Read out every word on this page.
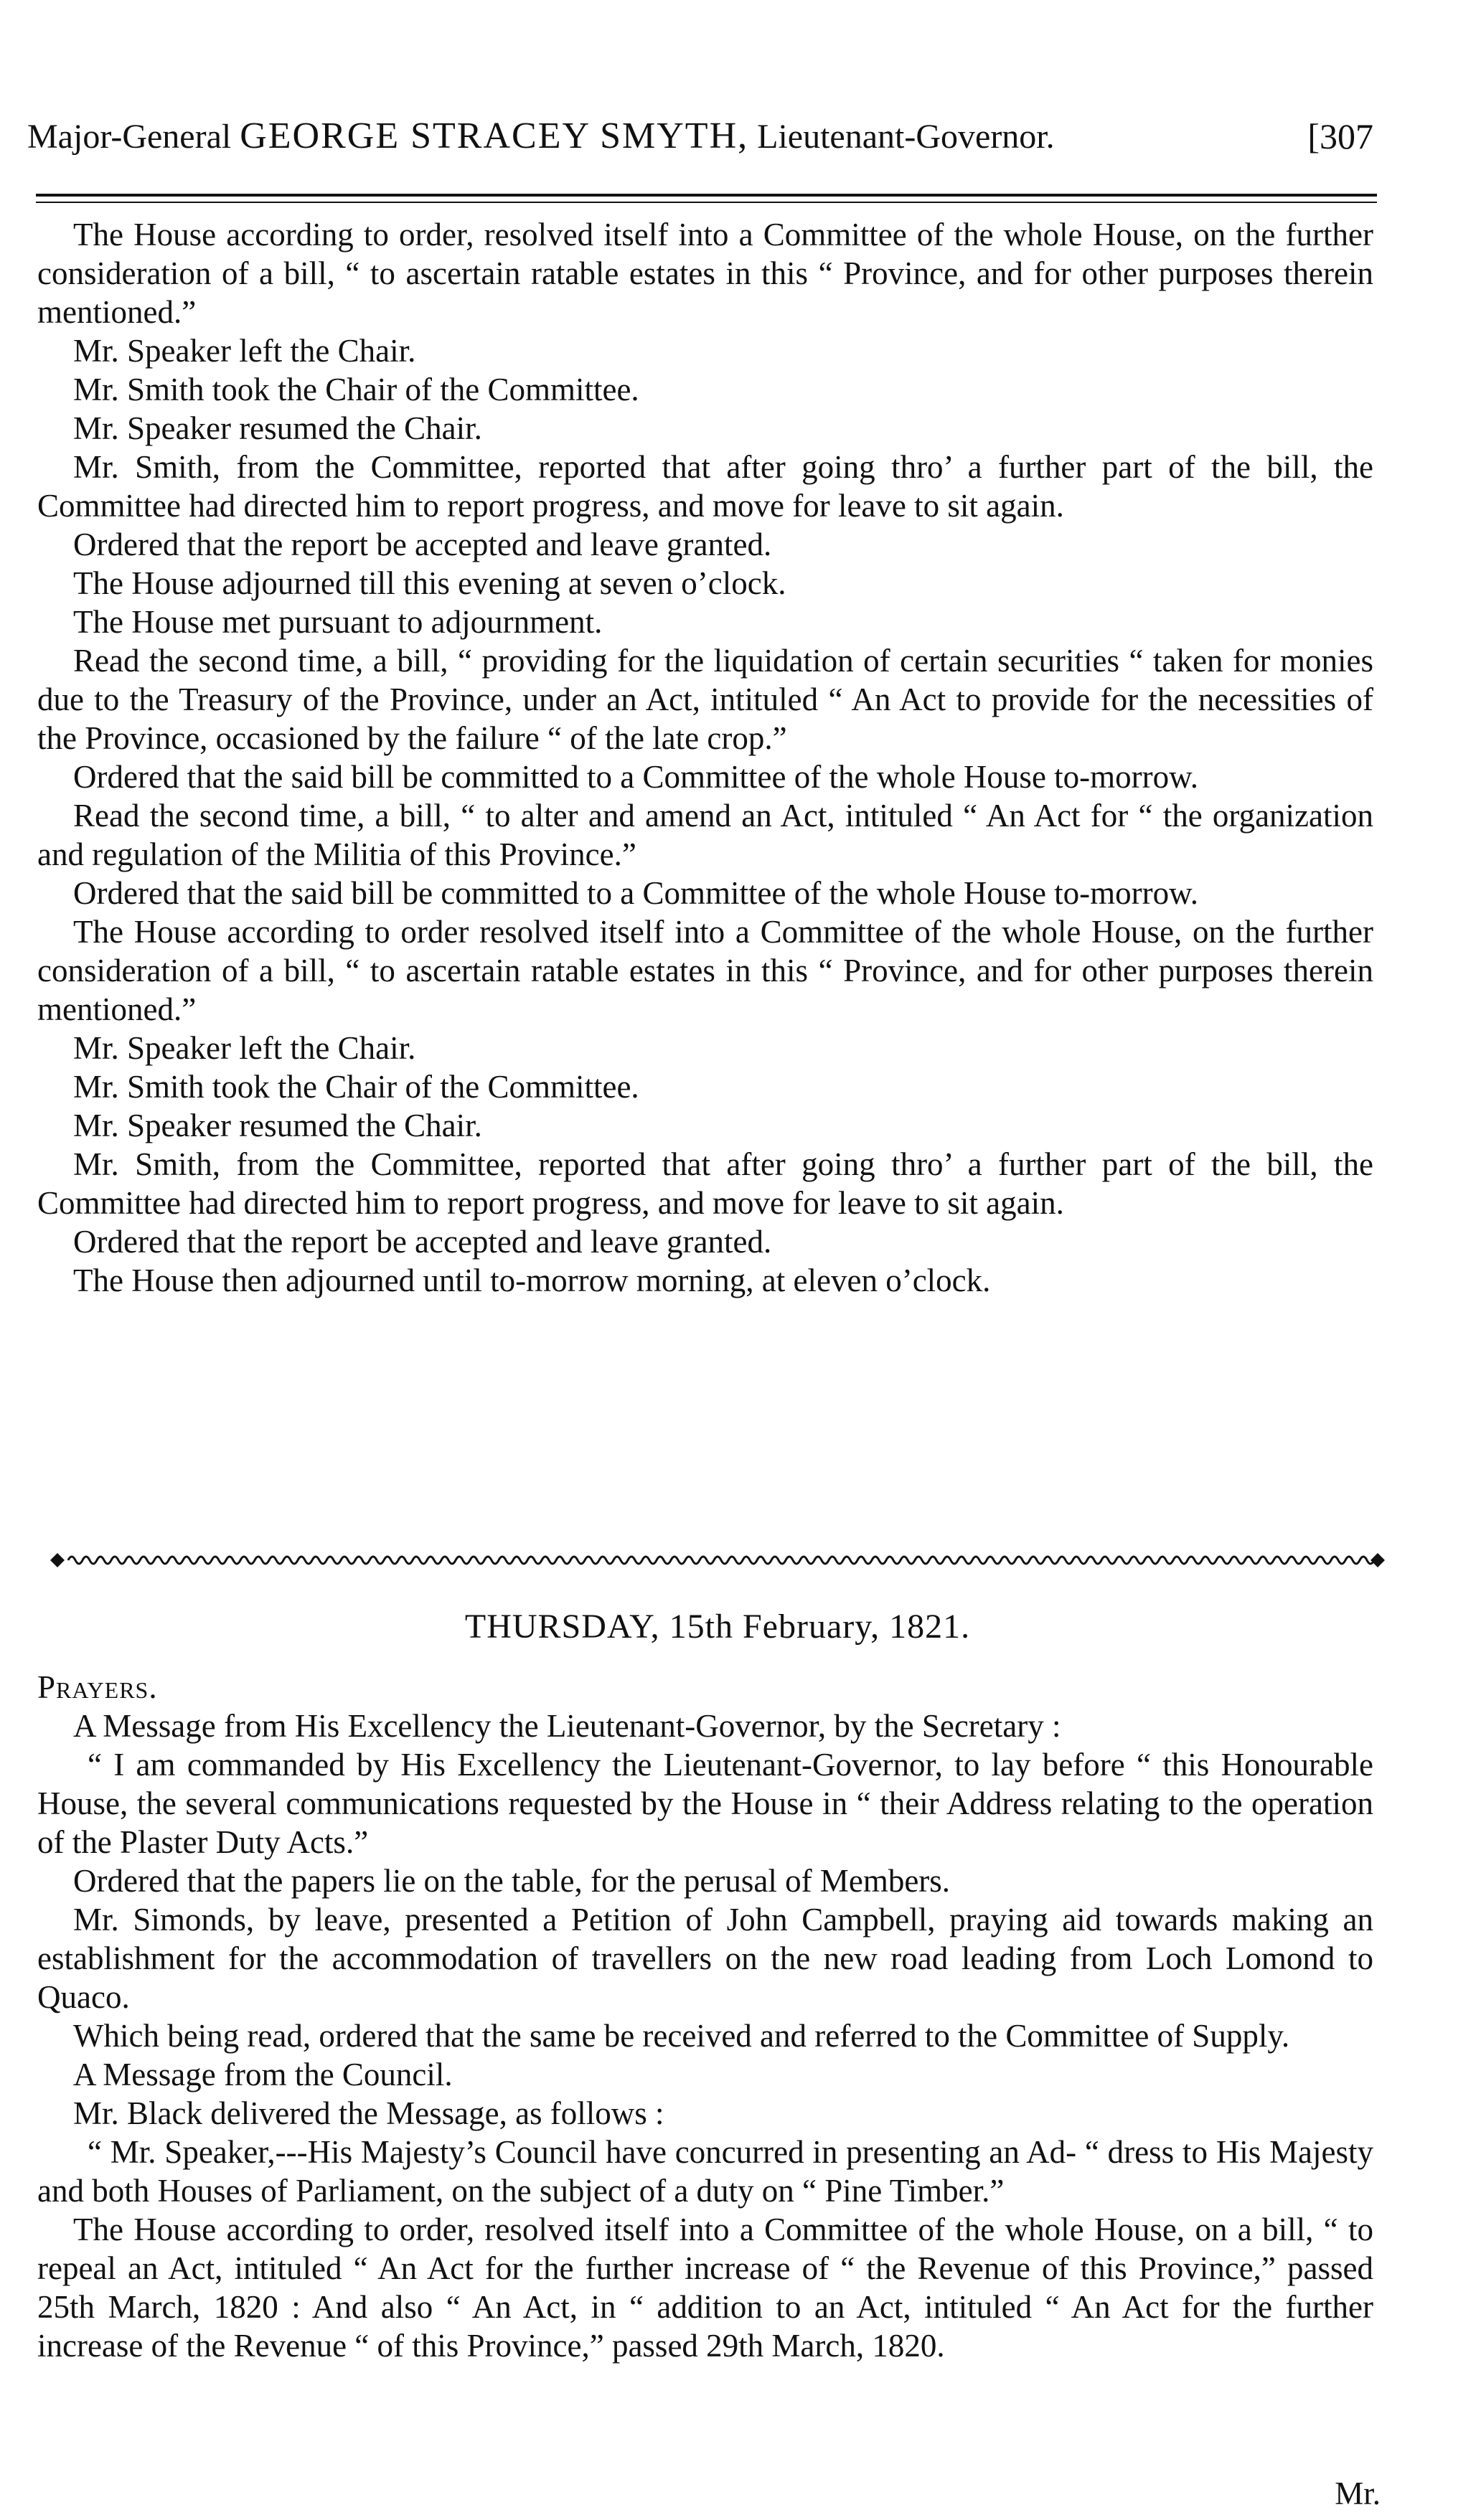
Major-General GEORGE STRACEY SMYTH, Lieutenant-Governor.	[307

The House according to order, resolved itself into a Committee of the whole House, on the further consideration of a bill, “ to ascertain ratable estates in this “ Province, and for other purposes therein mentioned.”

Mr. Speaker left the Chair.

Mr. Smith took the Chair of the Committee.

Mr. Speaker resumed the Chair.

Mr. Smith, from the Committee, reported that after going thro’ a further part of the bill, the Committee had directed him to report progress, and move for leave to sit again.

Ordered that the report be accepted and leave granted.

The House adjourned till this evening at seven o’clock.

The House met pursuant to adjournment.

Read the second time, a bill, “ providing for the liquidation of certain securities “ taken for monies due to the Treasury of the Province, under an Act, intituled “ An Act to provide for the necessities of the Province, occasioned by the failure “ of the late crop.”

Ordered that the said bill be committed to a Committee of the whole House to-morrow.

Read the second time, a bill, “ to alter and amend an Act, intituled “ An Act for “ the organization and regulation of the Militia of this Province.”

Ordered that the said bill be committed to a Committee of the whole House to-morrow.

The House according to order resolved itself into a Committee of the whole House, on the further consideration of a bill, “ to ascertain ratable estates in this “ Province, and for other purposes therein mentioned.”

Mr. Speaker left the Chair.

Mr. Smith took the Chair of the Committee.

Mr. Speaker resumed the Chair.

Mr. Smith, from the Committee, reported that after going thro’ a further part of the bill, the Committee had directed him to report progress, and move for leave to sit again.

Ordered that the report be accepted and leave granted.

The House then adjourned until to-morrow morning, at eleven o’clock.

THURSDAY, 15th February, 1821.

Prayers.

A Message from His Excellency the Lieutenant-Governor, by the Secretary :

“ I am commanded by His Excellency the Lieutenant-Governor, to lay before “ this Honourable House, the several communications requested by the House in “ their Address relating to the operation of the Plaster Duty Acts.”

Ordered that the papers lie on the table, for the perusal of Members.

Mr. Simonds, by leave, presented a Petition of John Campbell, praying aid towards making an establishment for the accommodation of travellers on the new road leading from Loch Lomond to Quaco.

Which being read, ordered that the same be received and referred to the Committee of Supply.

A Message from the Council.

Mr. Black delivered the Message, as follows :

“ Mr. Speaker,---His Majesty’s Council have concurred in presenting an Ad- “ dress to His Majesty and both Houses of Parliament, on the subject of a duty on “ Pine Timber.”

The House according to order, resolved itself into a Committee of the whole House, on a bill, “ to repeal an Act, intituled “ An Act for the further increase of “ the Revenue of this Province,” passed 25th March, 1820 : And also “ An Act, in “ addition to an Act, intituled “ An Act for the further increase of the Revenue “ of this Province,” passed 29th March, 1820.

Mr.
